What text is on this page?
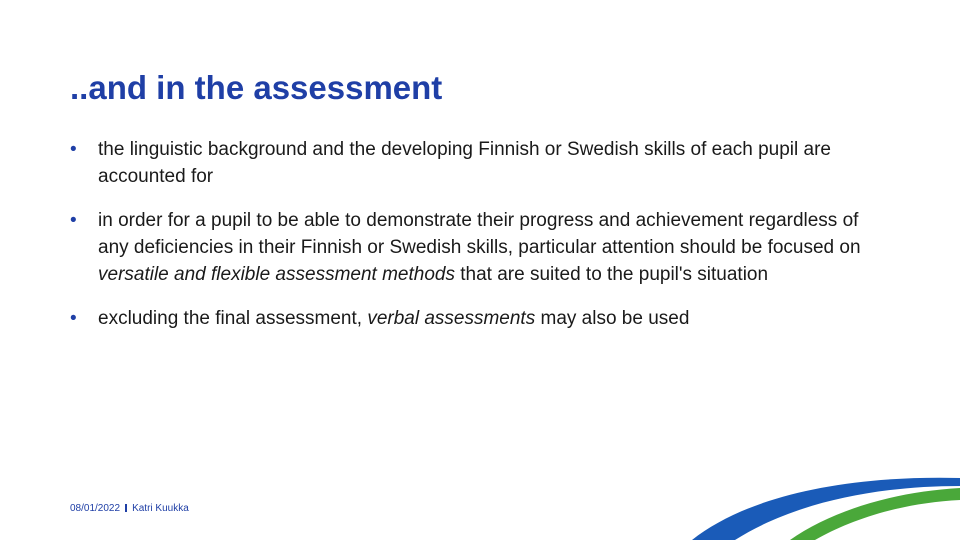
..and in the assessment
• the linguistic background and the developing Finnish or Swedish skills of each pupil are accounted for
• in order for a pupil to be able to demonstrate their progress and achievement regardless of any deficiencies in their Finnish or Swedish skills, particular attention should be focused on versatile and flexible assessment methods that are suited to the pupil's situation
• excluding the final assessment, verbal assessments may also be used
08/01/2022 Katri Kuukka
